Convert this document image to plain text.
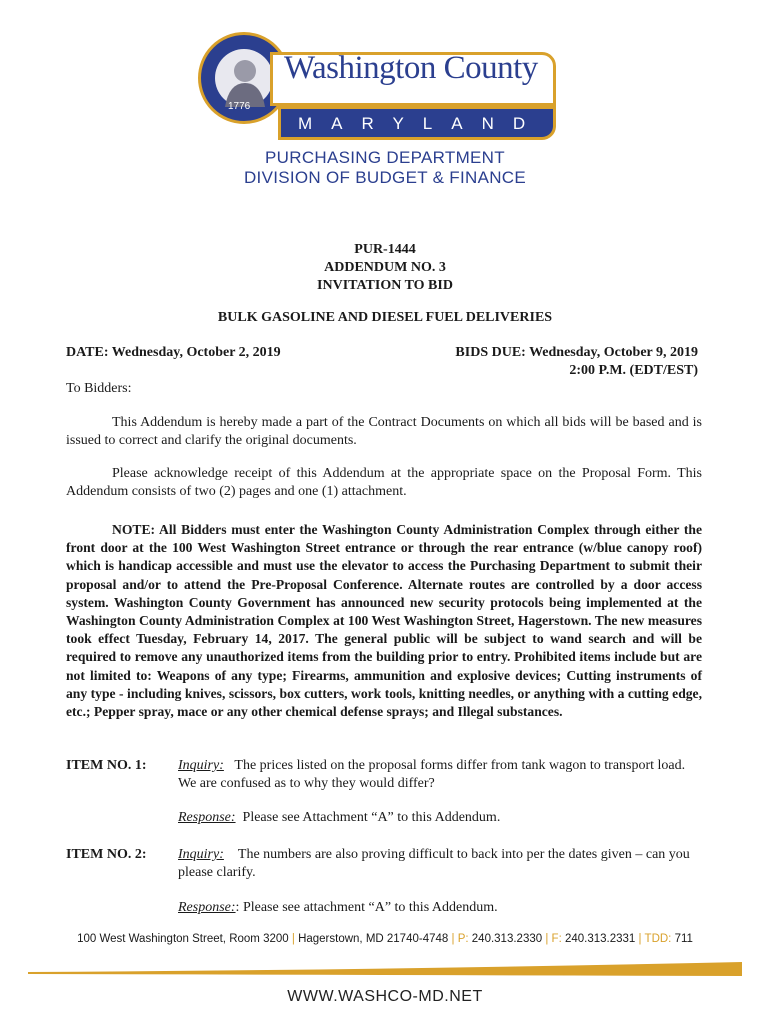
1776
Washington County
MARYLAND
PURCHASING DEPARTMENT
DIVISION OF BUDGET & FINANCE
PUR-1444
ADDENDUM NO. 3
INVITATION TO BID
BULK GASOLINE AND DIESEL FUEL DELIVERIES
DATE: Wednesday, October 2, 2019	BIDS DUE: Wednesday, October 9, 2019
2:00 P.M. (EDT/EST)
To Bidders:
This Addendum is hereby made a part of the Contract Documents on which all bids will be based and is issued to correct and clarify the original documents.
Please acknowledge receipt of this Addendum at the appropriate space on the Proposal Form. This Addendum consists of two (2) pages and one (1) attachment.
NOTE: All Bidders must enter the Washington County Administration Complex through either the front door at the 100 West Washington Street entrance or through the rear entrance (w/blue canopy roof) which is handicap accessible and must use the elevator to access the Purchasing Department to submit their proposal and/or to attend the Pre-Proposal Conference. Alternate routes are controlled by a door access system. Washington County Government has announced new security protocols being implemented at the Washington County Administration Complex at 100 West Washington Street, Hagerstown. The new measures took effect Tuesday, February 14, 2017. The general public will be subject to wand search and will be required to remove any unauthorized items from the building prior to entry. Prohibited items include but are not limited to: Weapons of any type; Firearms, ammunition and explosive devices; Cutting instruments of any type - including knives, scissors, box cutters, work tools, knitting needles, or anything with a cutting edge, etc.; Pepper spray, mace or any other chemical defense sprays; and Illegal substances.
ITEM NO. 1: Inquiry: The prices listed on the proposal forms differ from tank wagon to transport load. We are confused as to why they would differ?
Response: Please see Attachment “A” to this Addendum.
ITEM NO. 2: Inquiry: The numbers are also proving difficult to back into per the dates given – can you please clarify.
Response:: Please see attachment “A” to this Addendum.
100 West Washington Street, Room 3200 | Hagerstown, MD 21740-4748 | P: 240.313.2330 | F: 240.313.2331 | TDD: 711
WWW.WASHCO-MD.NET
